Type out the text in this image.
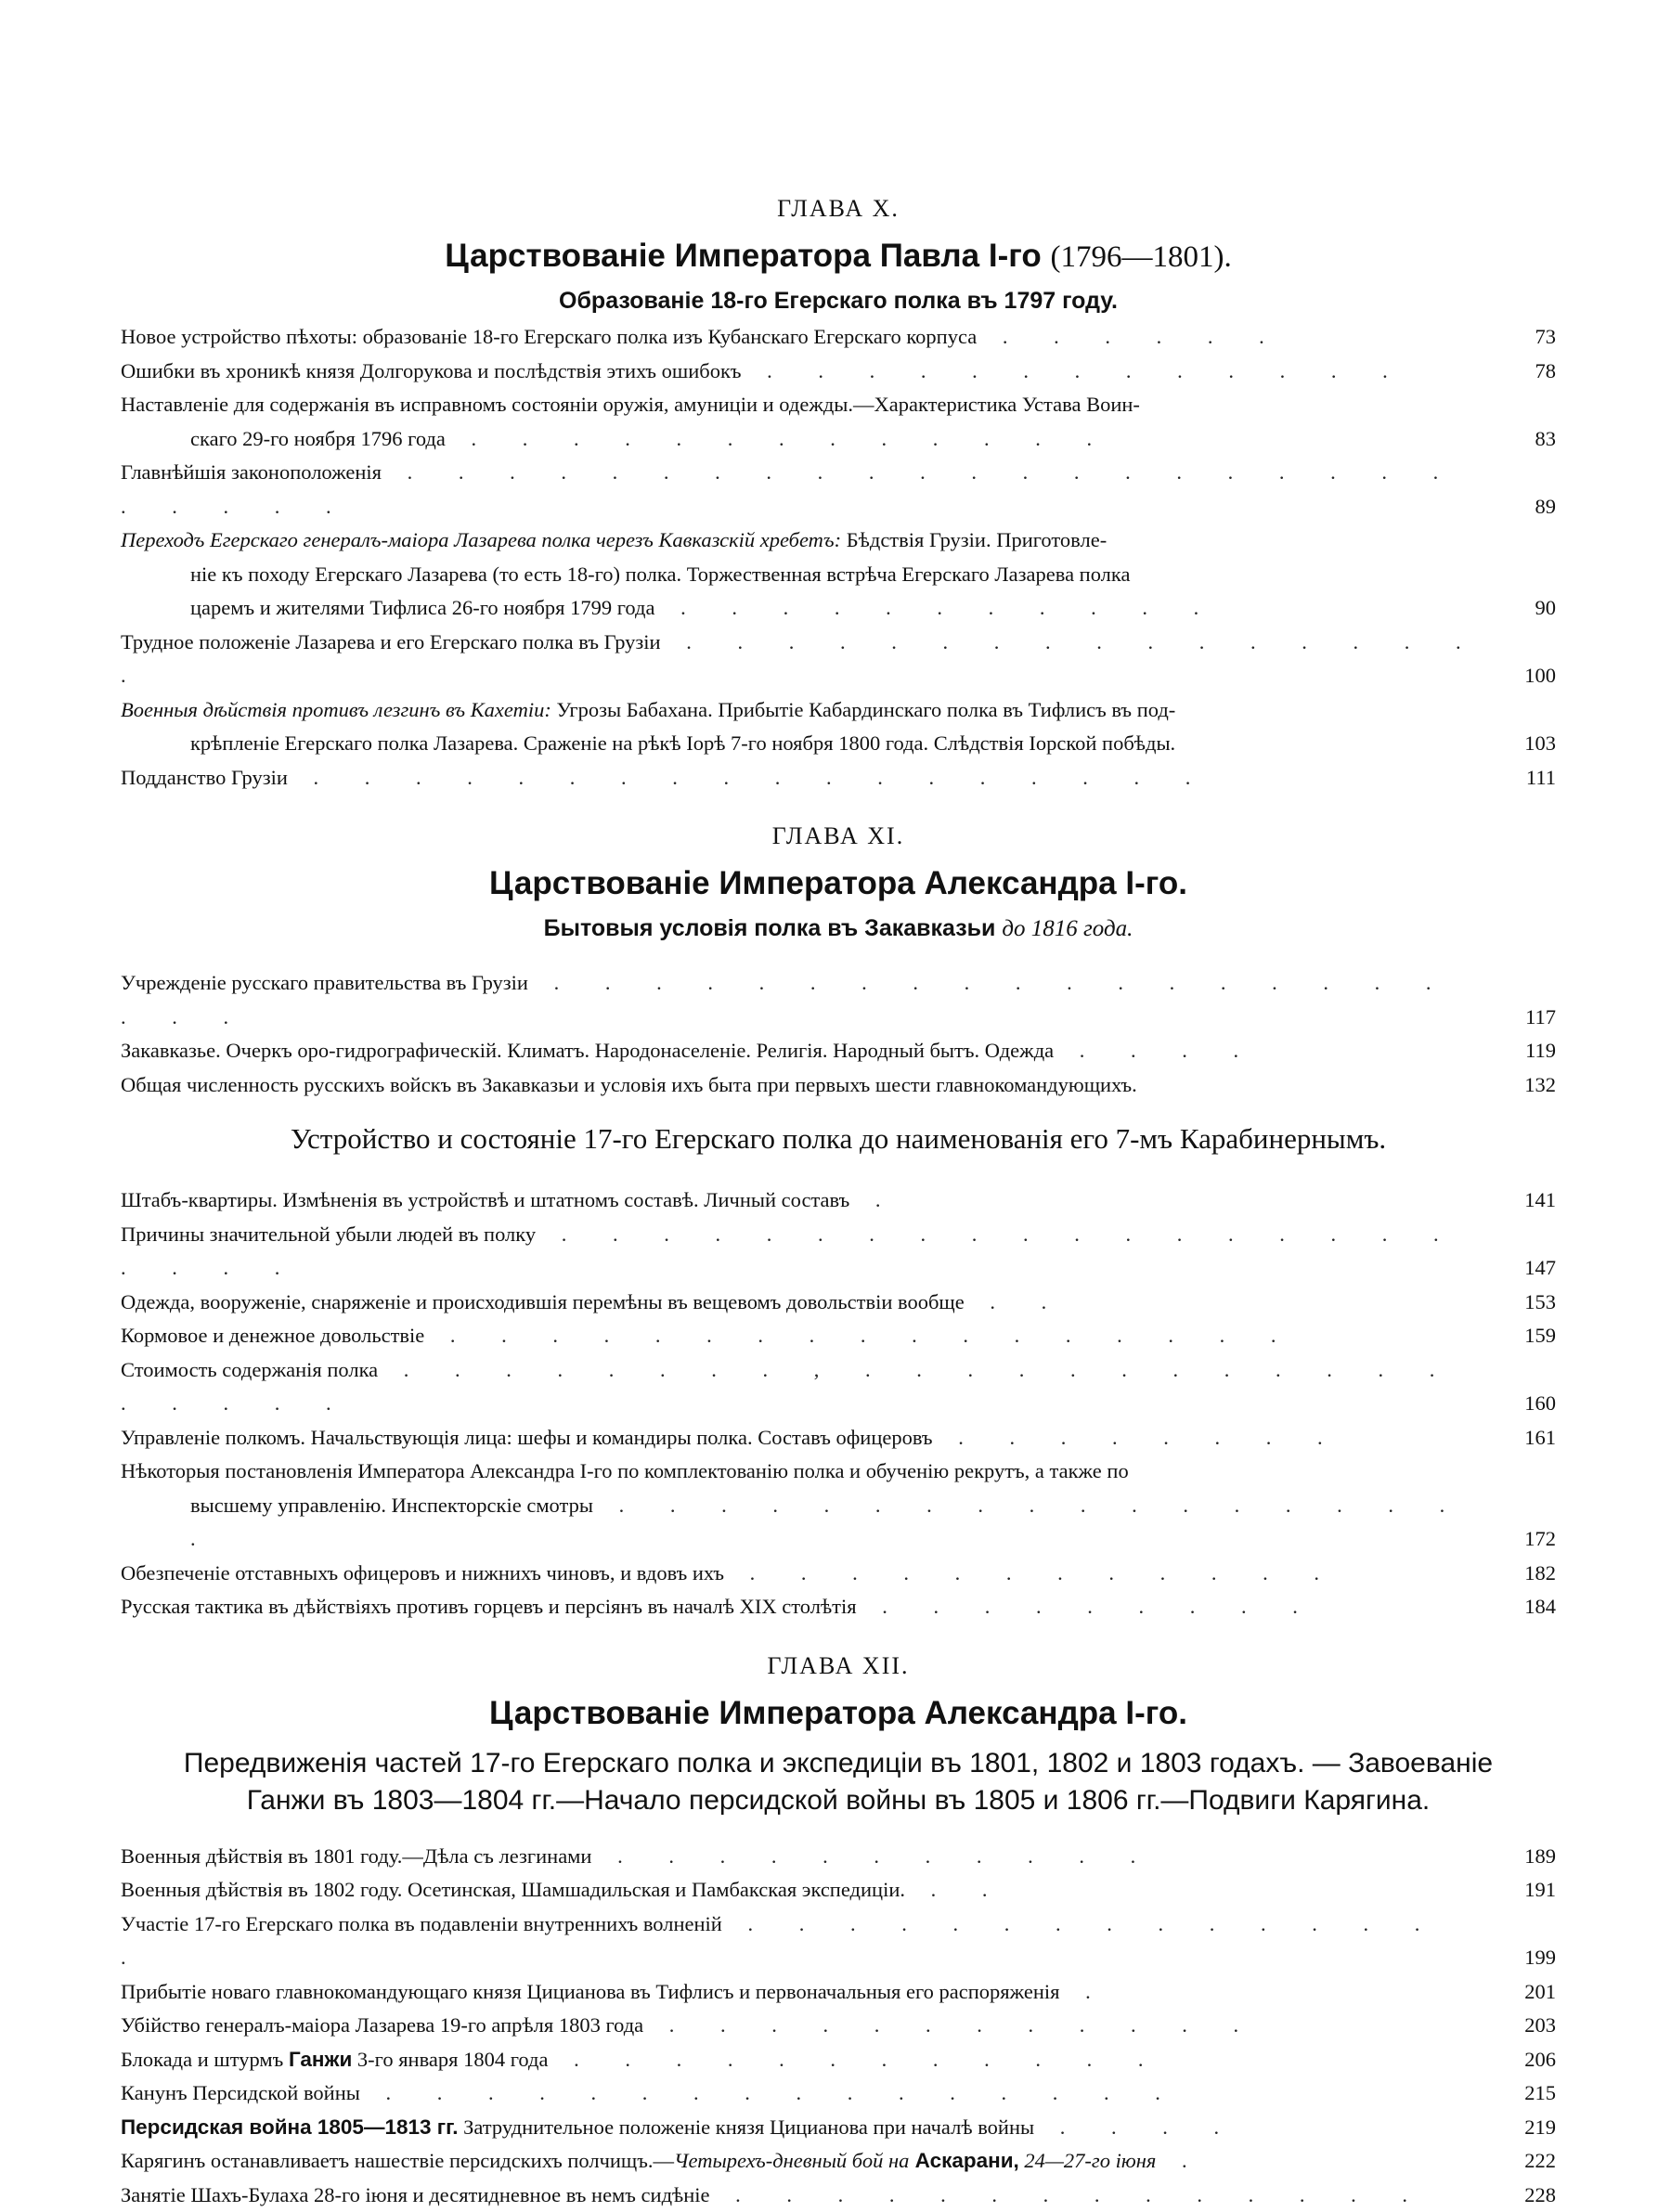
ГЛАВА X.
Царствованіе Императора Павла I-го (1796—1801).
Образованіе 18-го Егерскаго полка въ 1797 году.
Новое устройство пѣхоты: образованіе 18-го Егерскаго полка изъ Кубанскаго Егерскаго корпуса . . . . . .	73
Ошибки въ хроникѣ князя Долгорукова и послѣдствія этихъ ошибокъ . . . . . . . . . . . . .	78
Наставленіе для содержанія въ исправномъ состояніи оружія, амуниціи и одежды.—Характеристика Устава Воин-
скаго 29-го ноября 1796 года . . . . . . . . . . . . .	83
Главнѣйшія законоположенія . . . . . . . . . . . . . . . . . . . . . . . . . .	89
Переходъ Егерскаго генералъ-маіора Лазарева полка черезъ Кавказскій хребетъ: Бѣдствія Грузіи. Приготовле-
ніе къ походу Егерскаго Лазарева (то есть 18-го) полка. Торжественная встрѣча Егерскаго Лазарева полка
царемъ и жителями Тифлиса 26-го ноября 1799 года . . . . . . . . . . .	90
Трудное положеніе Лазарева и его Егерскаго полка въ Грузіи . . . . . . . . . . . . . . . . .	100
Военныя дѣйствія противъ лезгинъ въ Кахетіи: Угрозы Бабахана. Прибытіе Кабардинскаго полка въ Тифлисъ въ под-
крѣпленіе Егерскаго полка Лазарева. Сраженіе на рѣкѣ Іорѣ 7-го ноября 1800 года. Слѣдствія Іорской побѣды.	103
Подданство Грузіи . . . . . . . . . . . . . . . . . .	111
ГЛАВА XI.
Царствованіе Императора Александра I-го.
Бытовыя условія полка въ Закавказьи до 1816 года.
Учрежденіе русскаго правительства въ Грузіи . . . . . . . . . . . . . . . . . . . . .	117
Закавказье. Очеркъ оро-гидрографическій. Климатъ. Народонаселеніе. Религія. Народный бытъ. Одежда . . . .	119
Общая численность русскихъ войскъ въ Закавказьи и условія ихъ быта при первыхъ шести главнокомандующихъ.	132
Устройство и состояніе 17-го Егерскаго полка до наименованія его 7-мъ Карабинернымъ.
Штабъ-квартиры. Измѣненія въ устройствѣ и штатномъ составѣ. Личный составъ .	141
Причины значительной убыли людей въ полку . . . . . . . . . . . . . . . . . . . . . .	147
Одежда, вооруженіе, снаряженіе и происходившія перемѣны въ вещевомъ довольствіи вообще . .	153
Кормовое и денежное довольствіе . . . . . . . . . . . . . . . . .	159
Стоимость содержанія полка . . . . . . . . , . . . . . . . . . . . . . . . . .	160
Управленіе полкомъ. Начальствующія лица: шефы и командиры полка. Составъ офицеровъ . . . . . . . .	161
Нѣкоторыя постановленія Императора Александра I-го по комплектованію полка и обученію рекрутъ, а также по
высшему управленію. Инспекторскіе смотры . . . . . . . . . . . . . . . . . .	172
Обезпеченіе отставныхъ офицеровъ и нижнихъ чиновъ, и вдовъ ихъ . . . . . . . . . . . .	182
Русская тактика въ дѣйствіяхъ противъ горцевъ и персіянъ въ началѣ XIX столѣтія . . . . . . . . .	184
ГЛАВА XII.
Царствованіе Императора Александра I-го.
Передвиженія частей 17-го Егерскаго полка и экспедиціи въ 1801, 1802 и 1803 годахъ. — Завоеваніе
Ганжи въ 1803—1804 гг.—Начало персидской войны въ 1805 и 1806 гг.—Подвиги Карягина.
Военныя дѣйствія въ 1801 году.—Дѣла съ лезгинами . . . . . . . . . . .	189
Военныя дѣйствія въ 1802 году. Осетинская, Шамшадильская и Памбакская экспедиціи. . .	191
Участіе 17-го Егерскаго полка въ подавленіи внутреннихъ волненій . . . . . . . . . . . . . . .	199
Прибытіе новаго главнокомандующаго князя Цицианова въ Тифлисъ и первоначальныя его распоряженія .	201
Убійство генералъ-маіора Лазарева 19-го апрѣля 1803 года . . . . . . . . . . . .	203
Блокада и штурмъ Ганжи 3-го января 1804 года . . . . . . . . . . . .	206
Канунъ Персидской войны . . . . . . . . . . . . . . . .	215
Персидская война 1805—1813 гг. Затруднительное положеніе князя Цицианова при началѣ войны . . . .	219
Карягинъ останавливаетъ нашествіе персидскихъ полчищъ.—Четырехъ-дневный бой на Аскарани, 24—27-го іюня .	222
Занятіе Шахъ-Булаха 28-го іюня и десятидневное въ немъ сидѣніе . . . . . . . . . . . . . .	228
